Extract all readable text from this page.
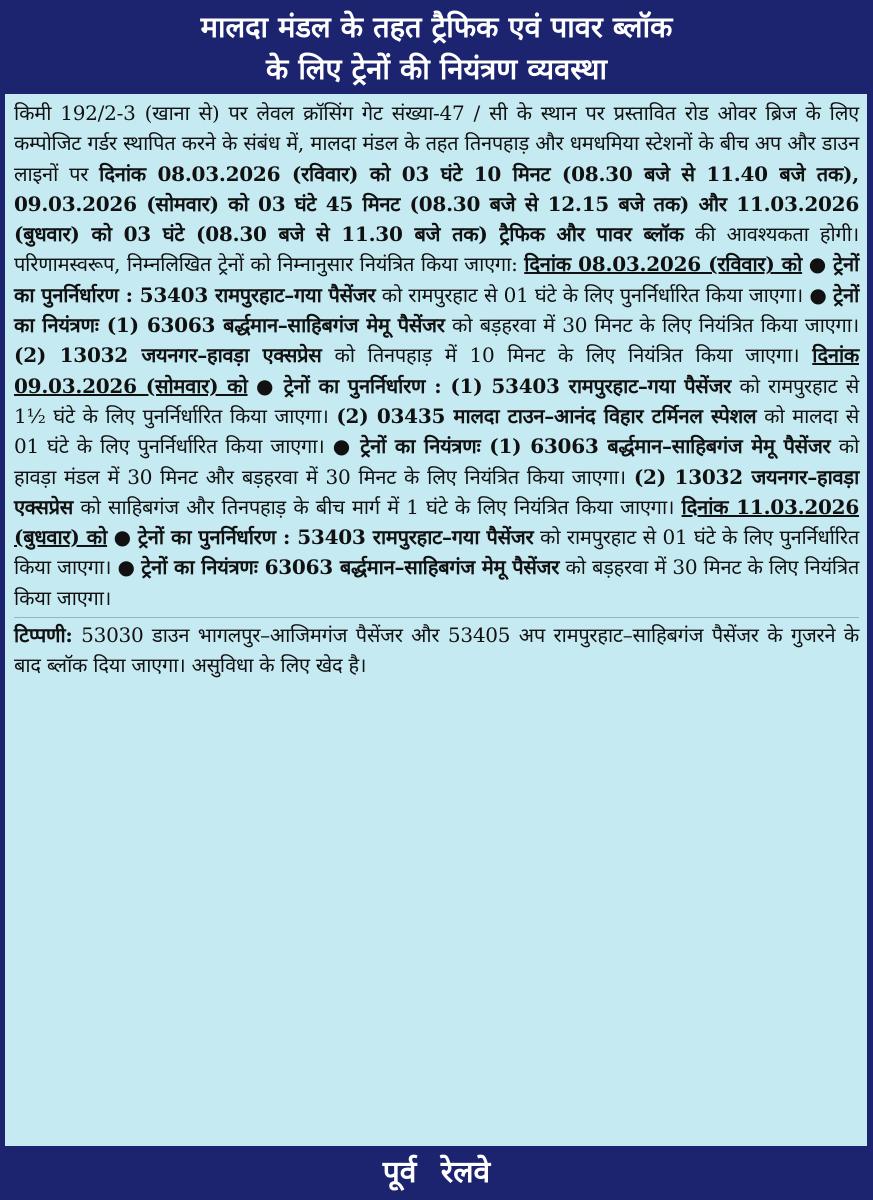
मालदा मंडल के तहत ट्रैफिक एवं पावर ब्लॉक
के लिए ट्रेनों की नियंत्रण व्यवस्था

किमी 192/2-3 (खाना से) पर लेवल क्रॉसिंग गेट संख्या-47 / सी के स्थान पर प्रस्तावित रोड ओवर ब्रिज के लिए कम्पोजिट गर्डर स्थापित करने के संबंध में, मालदा मंडल के तहत तिनपहाड़ और धमधमिया स्टेशनों के बीच अप और डाउन लाइनों पर दिनांक 08.03.2026 (रविवार) को 03 घंटे 10 मिनट (08.30 बजे से 11.40 बजे तक), 09.03.2026 (सोमवार) को 03 घंटे 45 मिनट (08.30 बजे से 12.15 बजे तक) और 11.03.2026 (बुधवार) को 03 घंटे (08.30 बजे से 11.30 बजे तक) ट्रैफिक और पावर ब्लॉक की आवश्यकता होगी। परिणामस्वरूप, निम्नलिखित ट्रेनों को निम्नानुसार नियंत्रित किया जाएगा: दिनांक 08.03.2026 (रविवार) को ● ट्रेनों का पुनर्निर्धारण : 53403 रामपुरहाट–गया पैसेंजर को रामपुरहाट से 01 घंटे के लिए पुनर्निर्धारित किया जाएगा। ● ट्रेनों का नियंत्रणः (1) 63063 बर्द्धमान–साहिबगंज मेमू पैसेंजर को बड़हरवा में 30 मिनट के लिए नियंत्रित किया जाएगा। (2) 13032 जयनगर–हावड़ा एक्सप्रेस को तिनपहाड़ में 10 मिनट के लिए नियंत्रित किया जाएगा। दिनांक 09.03.2026 (सोमवार) को ● ट्रेनों का पुनर्निर्धारण : (1) 53403 रामपुरहाट–गया पैसेंजर को रामपुरहाट से 1½ घंटे के लिए पुनर्निर्धारित किया जाएगा। (2) 03435 मालदा टाउन–आनंद विहार टर्मिनल स्पेशल को मालदा से 01 घंटे के लिए पुनर्निर्धारित किया जाएगा। ● ट्रेनों का नियंत्रणः (1) 63063 बर्द्धमान–साहिबगंज मेमू पैसेंजर को हावड़ा मंडल में 30 मिनट और बड़हरवा में 30 मिनट के लिए नियंत्रित किया जाएगा। (2) 13032 जयनगर–हावड़ा एक्सप्रेस को साहिबगंज और तिनपहाड़ के बीच मार्ग में 1 घंटे के लिए नियंत्रित किया जाएगा। दिनांक 11.03.2026 (बुधवार) को ● ट्रेनों का पुनर्निर्धारण : 53403 रामपुरहाट–गया पैसेंजर को रामपुरहाट से 01 घंटे के लिए पुनर्निर्धारित किया जाएगा। ● ट्रेनों का नियंत्रणः 63063 बर्द्धमान–साहिबगंज मेमू पैसेंजर को बड़हरवा में 30 मिनट के लिए नियंत्रित किया जाएगा।

टिप्पणी: 53030 डाउन भागलपुर–आजिमगंज पैसेंजर और 53405 अप रामपुरहाट–साहिबगंज पैसेंजर के गुजरने के बाद ब्लॉक दिया जाएगा। असुविधा के लिए खेद है।

पूर्व रेलवे
